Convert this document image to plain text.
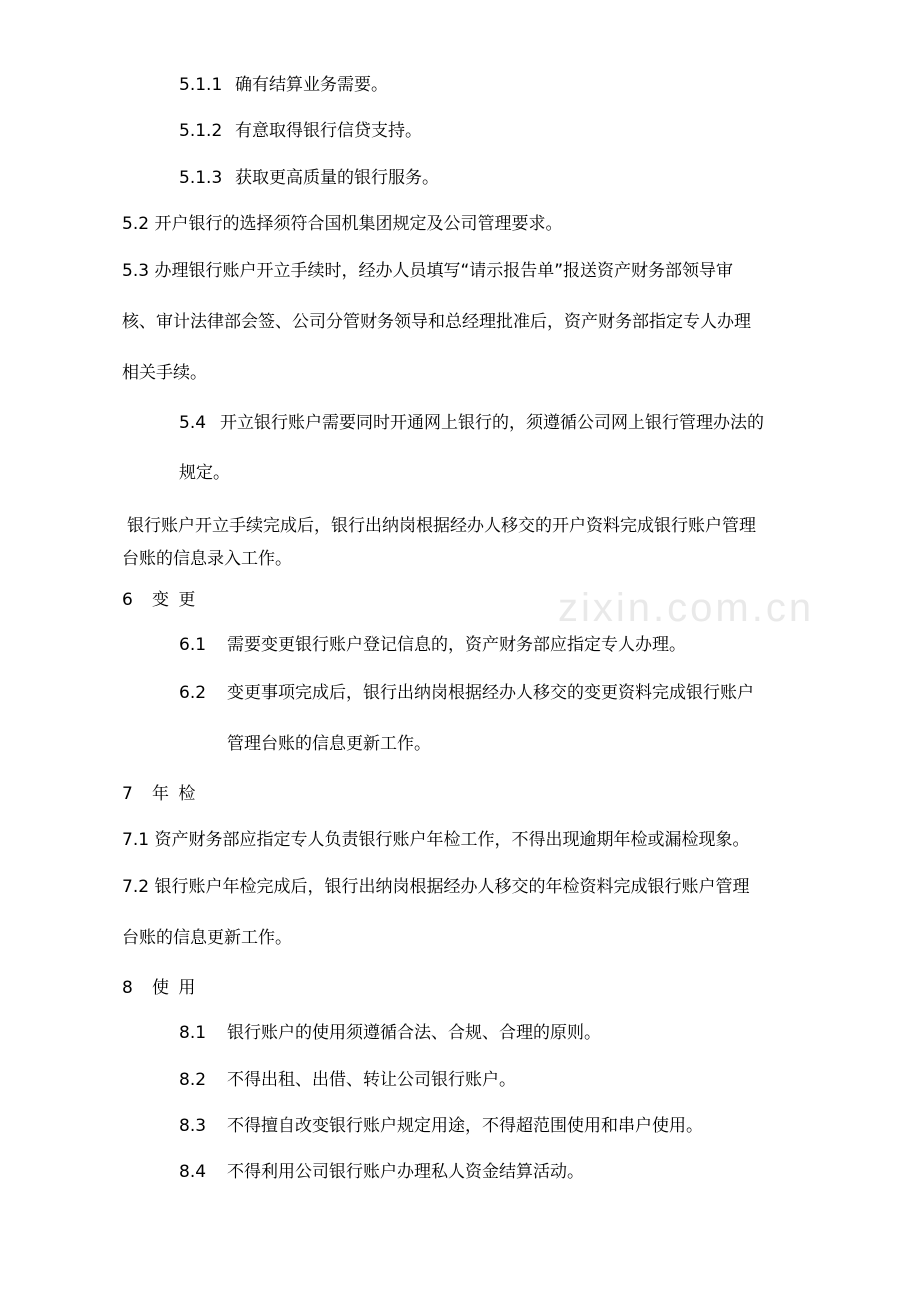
zixin.com.cn
5.1.1 确有结算业务需要。
5.1.2 有意取得银行信贷支持。
5.1.3 获取更高质量的银行服务。
5.2 开户银行的选择须符合国机集团规定及公司管理要求。
5.3 办理银行账户开立手续时，经办人员填写“请示报告单”报送资产财务部领导审
核、审计法律部会签、公司分管财务领导和总经理批准后，资产财务部指定专人办理
相关手续。
5.4 开立银行账户需要同时开通网上银行的，须遵循公司网上银行管理办法的
规定。
银行账户开立手续完成后，银行出纳岗根据经办人移交的开户资料完成银行账户管理
台账的信息录入工作。
6 变 更
6.1 需要变更银行账户登记信息的，资产财务部应指定专人办理。
6.2 变更事项完成后，银行出纳岗根据经办人移交的变更资料完成银行账户
管理台账的信息更新工作。
7 年 检
7.1 资产财务部应指定专人负责银行账户年检工作，不得出现逾期年检或漏检现象。
7.2 银行账户年检完成后，银行出纳岗根据经办人移交的年检资料完成银行账户管理
台账的信息更新工作。
8 使 用
8.1 银行账户的使用须遵循合法、合规、合理的原则。
8.2 不得出租、出借、转让公司银行账户。
8.3 不得擅自改变银行账户规定用途，不得超范围使用和串户使用。
8.4 不得利用公司银行账户办理私人资金结算活动。
